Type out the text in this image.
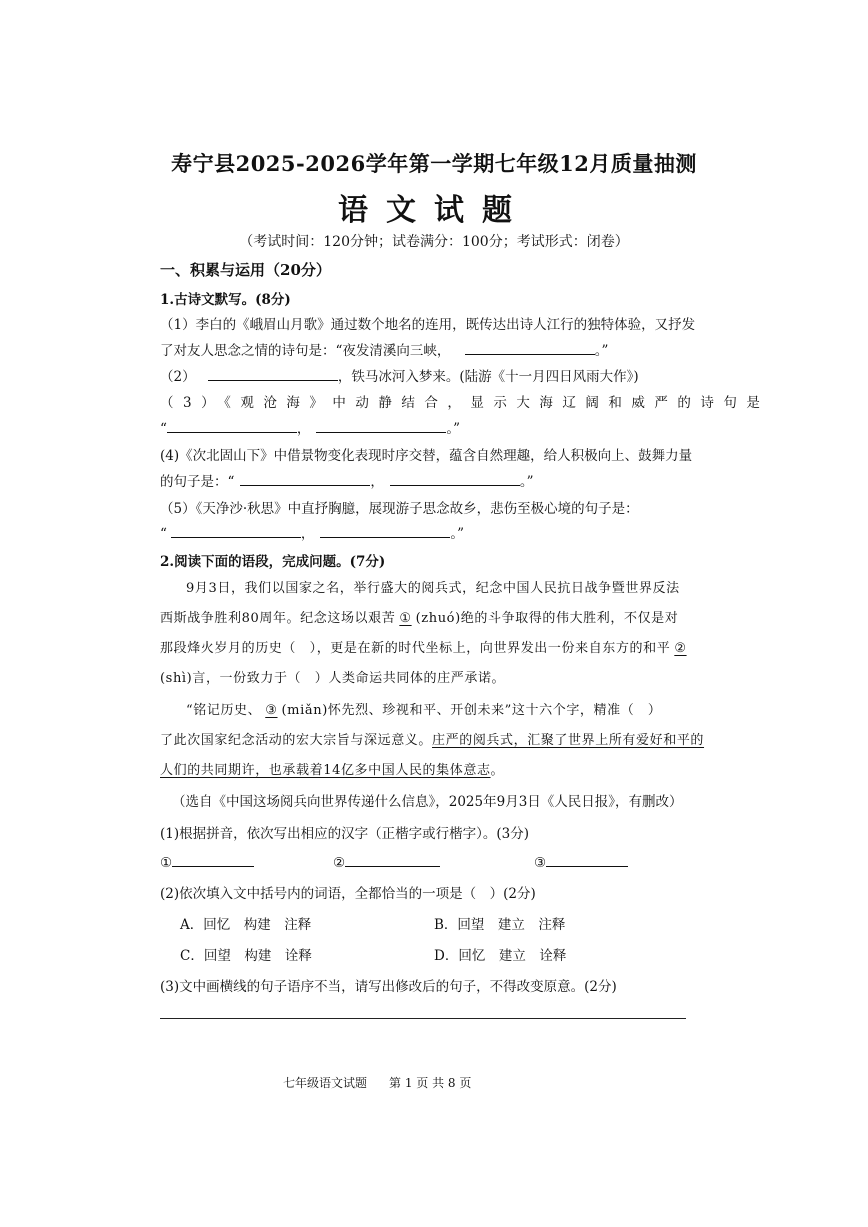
寿宁县2025-2026学年第一学期七年级12月质量抽测
语文试题
（考试时间：120分钟；试卷满分：100分；考试形式：闭卷）
一、积累与运用（20分）
1.古诗文默写。(8分)
（1）李白的《峨眉山月歌》通过数个地名的连用，既传达出诗人江行的独特体验，又抒发
了对友人思念之情的诗句是：“夜发清溪向三峡，	。”
（2）	，铁马冰河入梦来。(陆游《十一月四日风雨大作》)
（3）《观沧海》中动静结合，显示大海辽阔和威严的诗句是
“	，	。”
(4)《次北固山下》中借景物变化表现时序交替，蕴含自然理趣，给人积极向上、鼓舞力量
的句子是：“	，	。”
（5）《天净沙·秋思》中直抒胸臆，展现游子思念故乡，悲伤至极心境的句子是：
“	，	。”
2.阅读下面的语段，完成问题。(7分)
9月3日，我们以国家之名，举行盛大的阅兵式，纪念中国人民抗日战争暨世界反法
西斯战争胜利80周年。纪念这场以艰苦 ① (zhuó)绝的斗争取得的伟大胜利，不仅是对
那段烽火岁月的历史（　），更是在新的时代坐标上，向世界发出一份来自东方的和平 ②
(shì)言，一份致力于（　）人类命运共同体的庄严承诺。
“铭记历史、 ③ (miǎn)怀先烈、珍视和平、开创未来”这十六个字，精准（　）
了此次国家纪念活动的宏大宗旨与深远意义。庄严的阅兵式，汇聚了世界上所有爱好和平的
人们的共同期许，也承载着14亿多中国人民的集体意志。
（选自《中国这场阅兵向世界传递什么信息》，2025年9月3日《人民日报》，有删改）
(1)根据拼音，依次写出相应的汉字（正楷字或行楷字）。(3分)
①	②	③
(2)依次填入文中括号内的词语，全都恰当的一项是（　）(2分)
A．回忆　构建　注释	B．回望　建立　注释
C．回望　构建　诠释	D．回忆　建立　诠释
(3)文中画横线的句子语序不当，请写出修改后的句子，不得改变原意。(2分)
七年级语文试题 第 1 页 共 8 页
